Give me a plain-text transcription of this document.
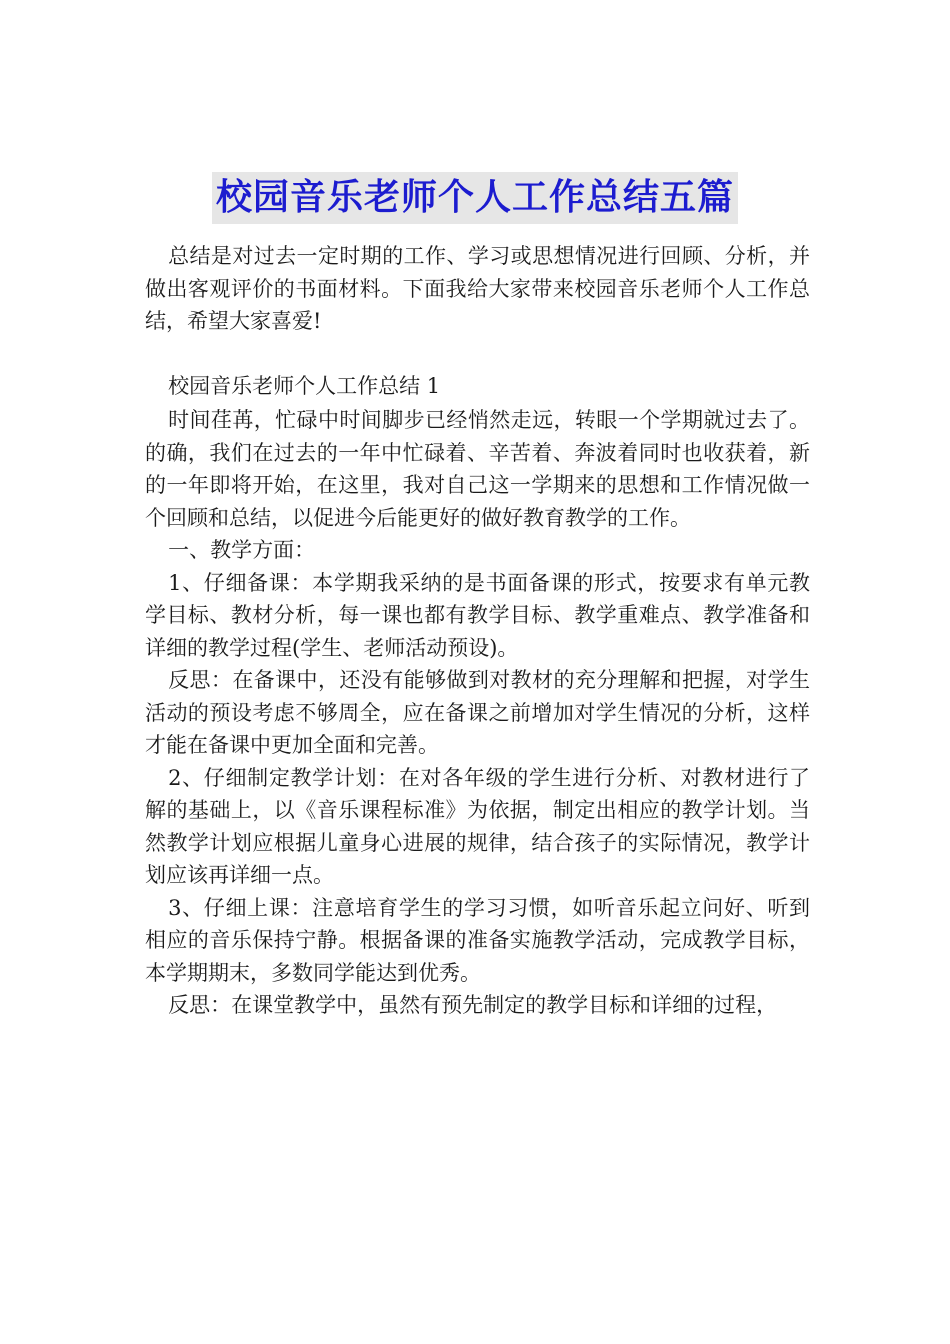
校园音乐老师个人工作总结五篇

总结是对过去一定时期的工作、学习或思想情况进行回顾、分析，并做出客观评价的书面材料。下面我给大家带来校园音乐老师个人工作总结，希望大家喜爱!

校园音乐老师个人工作总结 1

时间荏苒，忙碌中时间脚步已经悄然走远，转眼一个学期就过去了。的确，我们在过去的一年中忙碌着、辛苦着、奔波着同时也收获着，新的一年即将开始，在这里，我对自己这一学期来的思想和工作情况做一个回顾和总结，以促进今后能更好的做好教育教学的工作。

一、教学方面：

1、仔细备课：本学期我采纳的是书面备课的形式，按要求有单元教学目标、教材分析，每一课也都有教学目标、教学重难点、教学准备和详细的教学过程(学生、老师活动预设)。

反思：在备课中，还没有能够做到对教材的充分理解和把握，对学生活动的预设考虑不够周全，应在备课之前增加对学生情况的分析，这样才能在备课中更加全面和完善。

2、仔细制定教学计划：在对各年级的学生进行分析、对教材进行了解的基础上，以《音乐课程标准》为依据，制定出相应的教学计划。当然教学计划应根据儿童身心进展的规律，结合孩子的实际情况，教学计划应该再详细一点。

3、仔细上课：注意培育学生的学习习惯，如听音乐起立问好、听到相应的音乐保持宁静。根据备课的准备实施教学活动，完成教学目标，本学期期末，多数同学能达到优秀。

反思：在课堂教学中，虽然有预先制定的教学目标和详细的过程，
